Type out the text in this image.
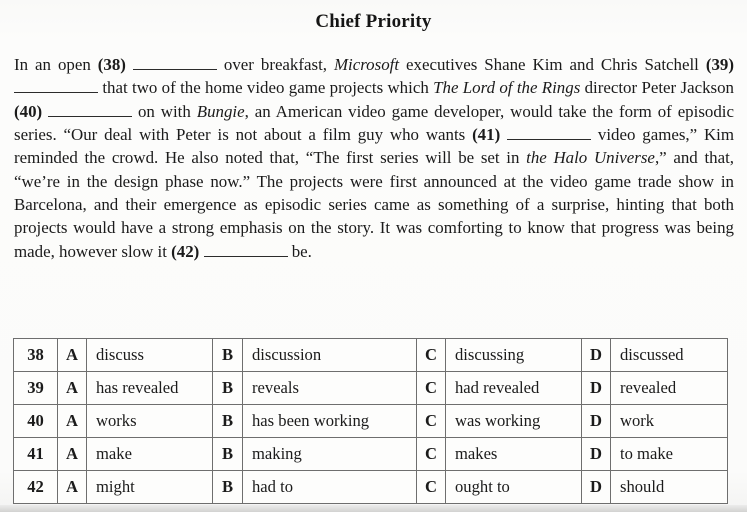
Chief Priority
In an open (38)	over breakfast, Microsoft executives Shane Kim and Chris Satchell (39)  that two of the home video game projects which The Lord of the Rings director Peter Jackson (40)	on with Bungie, an American video game developer, would take the form of episodic series. “Our deal with Peter is not about a film guy who wants (41)	video games,” Kim reminded the crowd. He also noted that, “The first series will be set in the Halo Universe,” and that, “we’re in the design phase now.” The projects were first announced at the video game trade show in Barcelona, and their emergence as episodic series came as something of a surprise, hinting that both projects would have a strong emphasis on the story. It was comforting to know that progress was being made, however slow it (42)	be.
38	A	discuss	B	discussion	C	discussing	D	discussed
39	A	has revealed	B	reveals	C	had revealed	D	revealed
40	A	works	B	has been working	C	was working	D	work
41	A	make	B	making	C	makes	D	to make
42	A	might	B	had to	C	ought to	D	should
